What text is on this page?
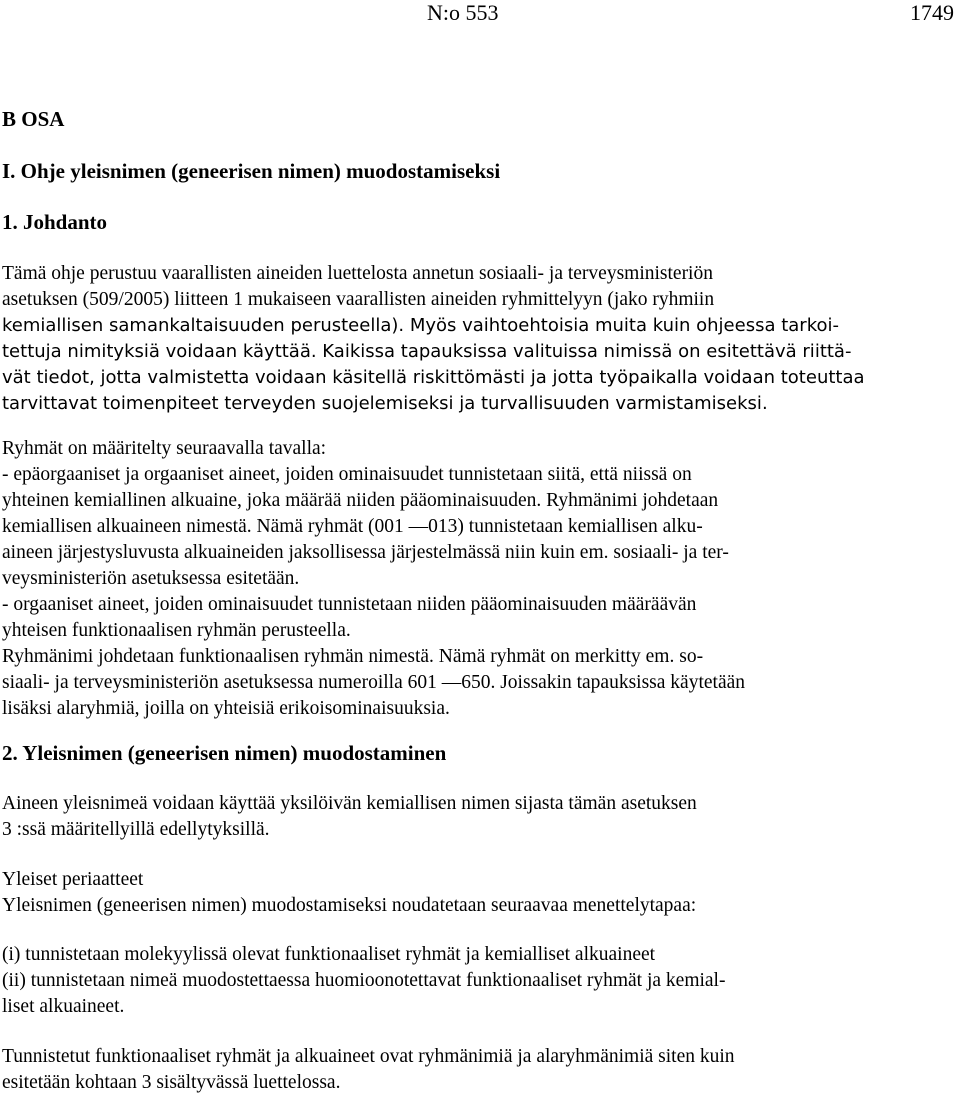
N:o 553	1749
B OSA
I. Ohje yleisnimen (geneerisen nimen) muodostamiseksi
1. Johdanto
Tämä ohje perustuu vaarallisten aineiden luettelosta annetun sosiaali- ja terveysministeriön
asetuksen (509/2005) liitteen 1 mukaiseen vaarallisten aineiden ryhmittelyyn (jako ryhmiin
kemiallisen samankaltaisuuden perusteella). Myös vaihtoehtoisia muita kuin ohjeessa tarkoi-
tettuja nimityksiä voidaan käyttää. Kaikissa tapauksissa valituissa nimissä on esitettävä riittä-
vät tiedot, jotta valmistetta voidaan käsitellä riskittömästi ja jotta työpaikalla voidaan toteuttaa
tarvittavat toimenpiteet terveyden suojelemiseksi ja turvallisuuden varmistamiseksi.
Ryhmät on määritelty seuraavalla tavalla:
- epäorgaaniset ja orgaaniset aineet, joiden ominaisuudet tunnistetaan siitä, että niissä on
yhteinen kemiallinen alkuaine, joka määrää niiden pääominaisuuden. Ryhmänimi johdetaan
kemiallisen alkuaineen nimestä. Nämä ryhmät (001 —013) tunnistetaan kemiallisen alku-
aineen järjestysluvusta alkuaineiden jaksollisessa järjestelmässä niin kuin em. sosiaali- ja ter-
veysministeriön asetuksessa esitetään.
- orgaaniset aineet, joiden ominaisuudet tunnistetaan niiden pääominaisuuden määräävän
yhteisen funktionaalisen ryhmän perusteella.
Ryhmänimi johdetaan funktionaalisen ryhmän nimestä. Nämä ryhmät on merkitty em. so-
siaali- ja terveysministeriön asetuksessa numeroilla 601 —650. Joissakin tapauksissa käytetään
lisäksi alaryhmiä, joilla on yhteisiä erikoisominaisuuksia.
2. Yleisnimen (geneerisen nimen) muodostaminen
Aineen yleisnimeä voidaan käyttää yksilöivän kemiallisen nimen sijasta tämän asetuksen
3 :ssä määritellyillä edellytyksillä.
Yleiset periaatteet
Yleisnimen (geneerisen nimen) muodostamiseksi noudatetaan seuraavaa menettelytapaa:
(i) tunnistetaan molekyylissä olevat funktionaaliset ryhmät ja kemialliset alkuaineet
(ii) tunnistetaan nimeä muodostettaessa huomioonotettavat funktionaaliset ryhmät ja kemial-
liset alkuaineet.
Tunnistetut funktionaaliset ryhmät ja alkuaineet ovat ryhmänimiä ja alaryhmänimiä siten kuin
esitetään kohtaan 3 sisältyvässä luettelossa.
